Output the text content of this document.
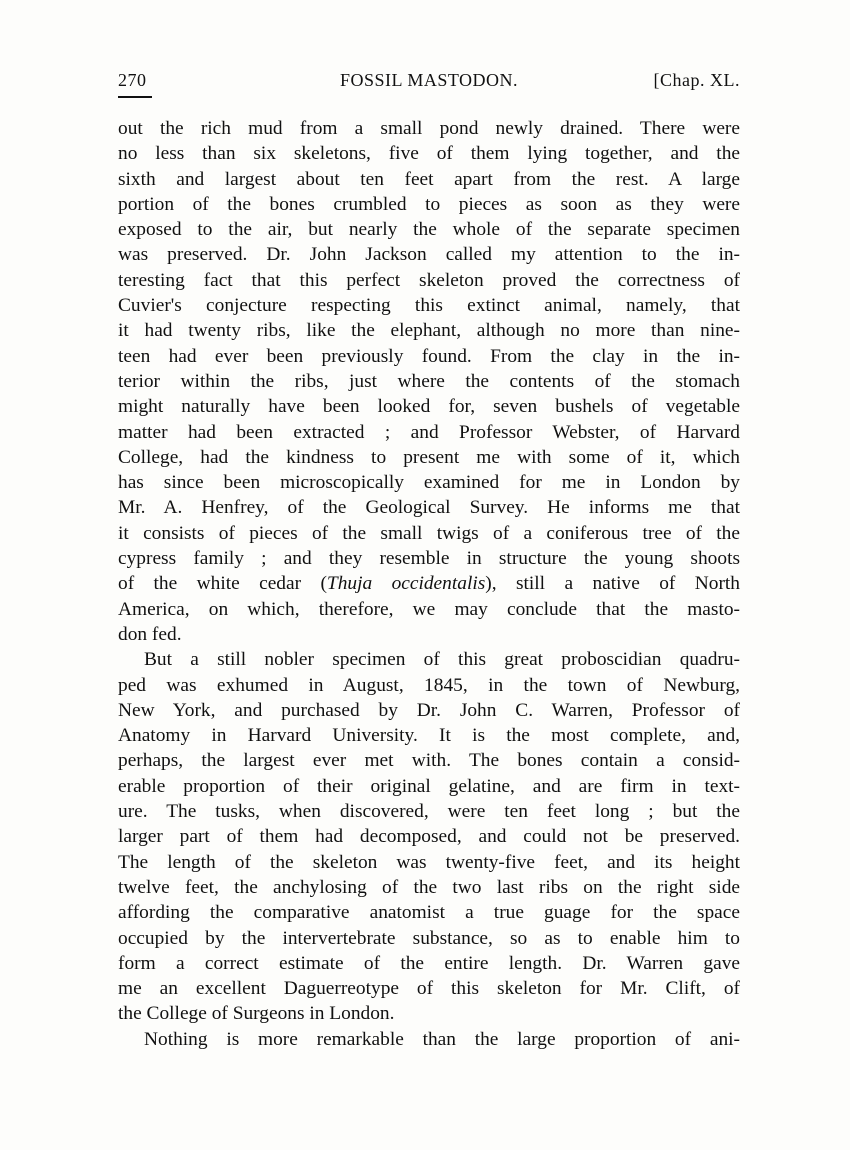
270	FOSSIL MASTODON.	[Chap. XL.

out the rich mud from a small pond newly drained. There were
no less than six skeletons, five of them lying together, and the
sixth and largest about ten feet apart from the rest. A large
portion of the bones crumbled to pieces as soon as they were
exposed to the air, but nearly the whole of the separate specimen
was preserved. Dr. John Jackson called my attention to the in-
teresting fact that this perfect skeleton proved the correctness of
Cuvier's conjecture respecting this extinct animal, namely, that
it had twenty ribs, like the elephant, although no more than nine-
teen had ever been previously found. From the clay in the in-
terior within the ribs, just where the contents of the stomach
might naturally have been looked for, seven bushels of vegetable
matter had been extracted ; and Professor Webster, of Harvard
College, had the kindness to present me with some of it, which
has since been microscopically examined for me in London by
Mr. A. Henfrey, of the Geological Survey. He informs me that
it consists of pieces of the small twigs of a coniferous tree of the
cypress family ; and they resemble in structure the young shoots
of the white cedar (Thuja occidentalis), still a native of North
America, on which, therefore, we may conclude that the masto-
don fed.

But a still nobler specimen of this great proboscidian quadru-
ped was exhumed in August, 1845, in the town of Newburg,
New York, and purchased by Dr. John C. Warren, Professor of
Anatomy in Harvard University. It is the most complete, and,
perhaps, the largest ever met with. The bones contain a consid-
erable proportion of their original gelatine, and are firm in text-
ure. The tusks, when discovered, were ten feet long ; but the
larger part of them had decomposed, and could not be preserved.
The length of the skeleton was twenty-five feet, and its height
twelve feet, the anchylosing of the two last ribs on the right side
affording the comparative anatomist a true guage for the space
occupied by the intervertebrate substance, so as to enable him to
form a correct estimate of the entire length. Dr. Warren gave
me an excellent Daguerreotype of this skeleton for Mr. Clift, of
the College of Surgeons in London.

Nothing is more remarkable than the large proportion of ani-
